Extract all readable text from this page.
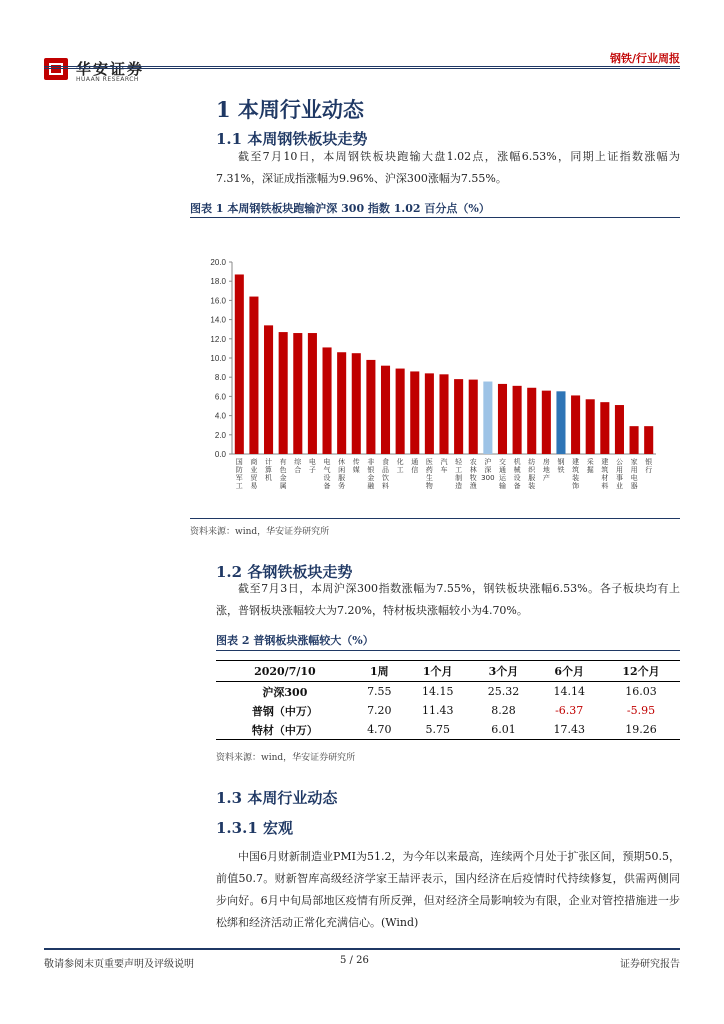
华安证券
HUAAN RESEARCH
钢铁/行业周报
1 本周行业动态
1.1 本周钢铁板块走势
截至7月10日，本周钢铁板块跑输大盘1.02点，涨幅6.53%，同期上证指数涨幅为7.31%，深证成指涨幅为9.96%、沪深300涨幅为7.55%。
图表 1 本周钢铁板块跑输沪深 300 指数 1.02 百分点（%）
20.0
18.0
16.0
14.0
12.0
10.0
8.0
6.0
4.0
2.0
0.0
国防军工
商业贸易
计算机
有色金属
综合
电子
电气设备
休闲服务
传媒
非银金融
食品饮料
化工
通信
医药生物
汽车
轻工制造
农林牧渔
沪深 300
交通运输
机械设备
纺织服装
房地产
钢铁
建筑装饰
采掘
建筑材料
公用事业
家用电器
银行
资料来源：wind，华安证券研究所
1.2 各钢铁板块走势
截至7月3日，本周沪深300指数涨幅为7.55%，钢铁板块涨幅6.53%。各子板块均有上涨，普钢板块涨幅较大为7.20%，特材板块涨幅较小为4.70%。
图表 2 普钢板块涨幅较大（%）
2020/7/10	1周	1个月	3个月	6个月	12个月
沪深300	7.55	14.15	25.32	14.14	16.03
普钢（中万）	7.20	11.43	8.28	-6.37	-5.95
特材（中万）	4.70	5.75	6.01	17.43	19.26
资料来源：wind，华安证券研究所
1.3 本周行业动态
1.3.1 宏观
中国6月财新制造业PMI为51.2，为今年以来最高，连续两个月处于扩张区间，预期50.5，前值50.7。财新智库高级经济学家王喆评表示，国内经济在后疫情时代持续修复，供需两侧同步向好。6月中旬局部地区疫情有所反弹，但对经济全局影响较为有限，企业对管控措施进一步松绑和经济活动正常化充满信心。(Wind)
敬请参阅末页重要声明及评级说明	5 / 26	证券研究报告
